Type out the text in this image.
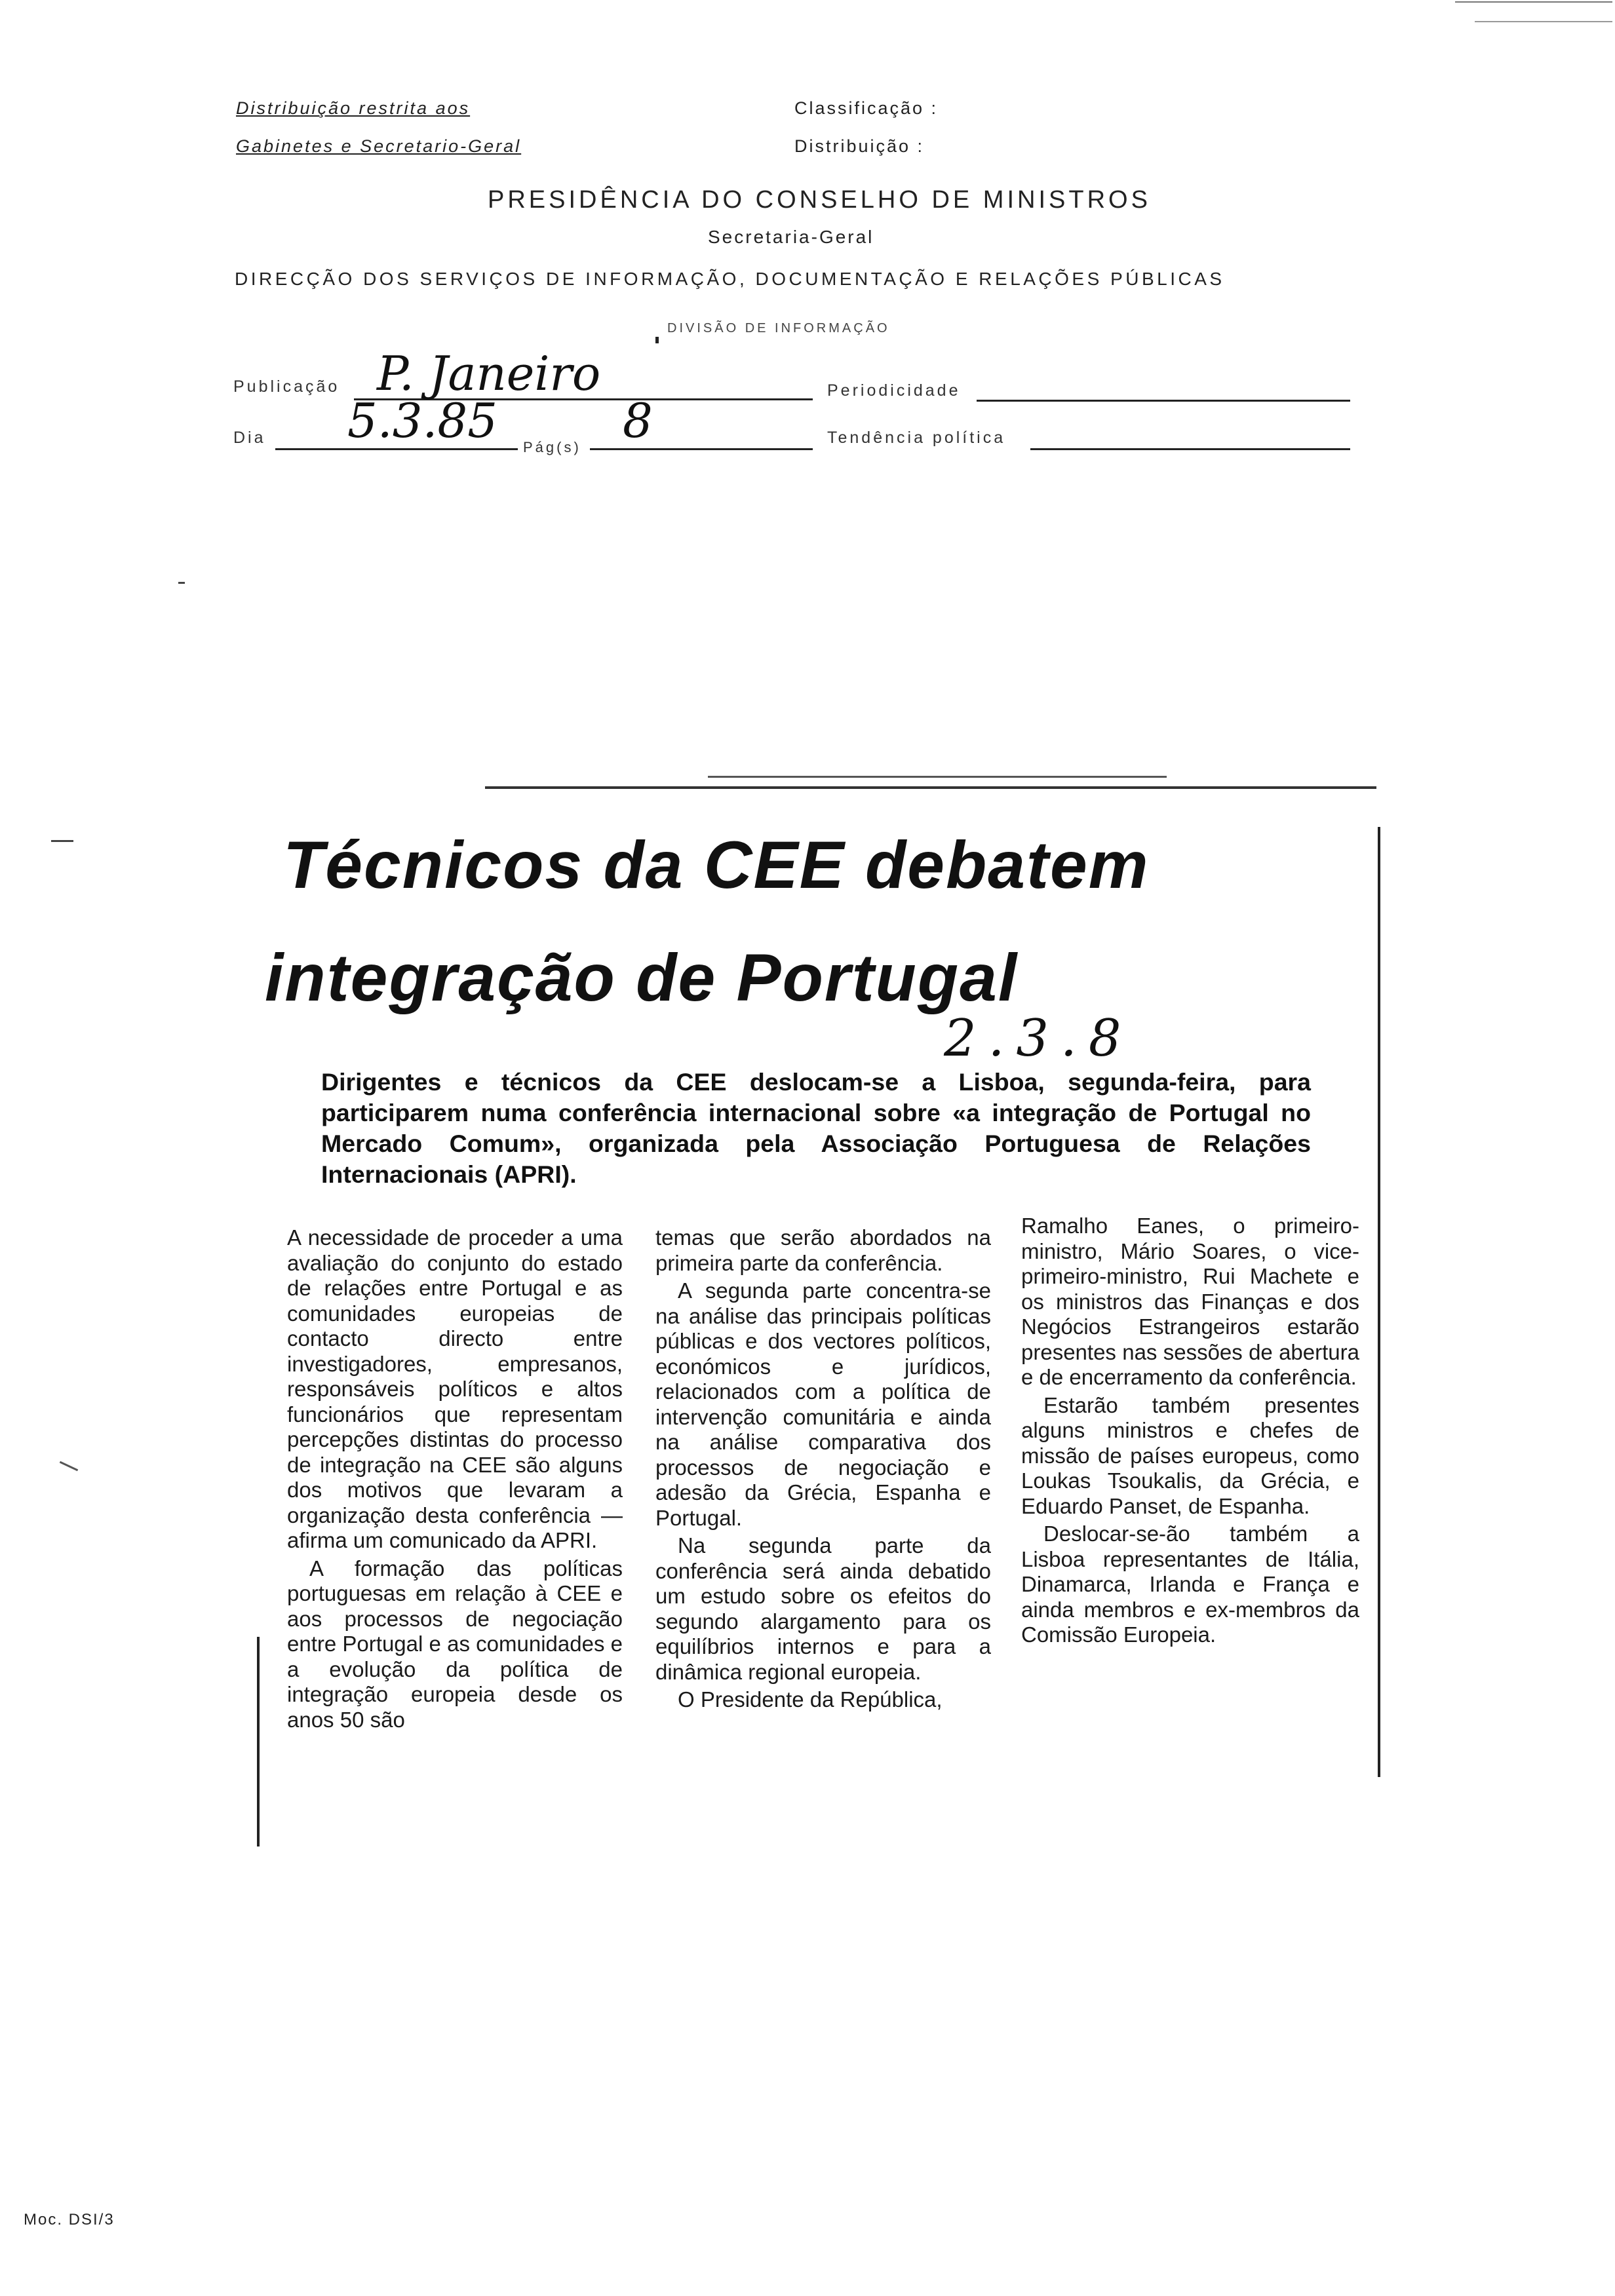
Distribuição restrita aos
Gabinetes e Secretario-Geral
Classificação :
Distribuição :
PRESIDÊNCIA DO CONSELHO DE MINISTROS
Secretaria-Geral
DIRECÇÃO DOS SERVIÇOS DE INFORMAÇÃO, DOCUMENTAÇÃO E RELAÇÕES PÚBLICAS
DIVISÃO DE INFORMAÇÃO
Publicação P. Janeiro	Periodicidade
Dia 5.3.85 Pág(s) 8	Tendência política
Técnicos da CEE debatem
integração de Portugal
2.3.8
Dirigentes e técnicos da CEE deslocam-se a Lisboa, segunda-feira, para participarem numa conferência internacional sobre «a integração de Portugal no Mercado Comum», organizada pela Associação Portuguesa de Relações Internacionais (APRI).

A necessidade de proceder a uma avaliação do conjunto do estado de relações entre Portugal e as comunidades europeias de contacto directo entre investigadores, empresanos, responsáveis políticos e altos funcionários que representam percepções distintas do processo de integração na CEE são alguns dos motivos que levaram a organização desta conferência — afirma um comunicado da APRI.

A formação das políticas portuguesas em relação à CEE e aos processos de negociação entre Portugal e as comunidades e a evolução da política de integração europeia desde os anos 50 são

temas que serão abordados na primeira parte da conferência.

A segunda parte concentra-se na análise das principais políticas públicas e dos vectores políticos, económicos e jurídicos, relacionados com a política de intervenção comunitária e ainda na análise comparativa dos processos de negociação e adesão da Grécia, Espanha e Portugal.

Na segunda parte da conferência será ainda debatido um estudo sobre os efeitos do segundo alargamento para os equilíbrios internos e para a dinâmica regional europeia.

O Presidente da República,

Ramalho Eanes, o primeiro-ministro, Mário Soares, o vice-primeiro-ministro, Rui Machete e os ministros das Finanças e dos Negócios Estrangeiros estarão presentes nas sessões de abertura e de encerramento da conferência.

Estarão também presentes alguns ministros e chefes de missão de países europeus, como Loukas Tsoukalis, da Grécia, e Eduardo Panset, de Espanha.

Deslocar-se-ão também a Lisboa representantes de Itália, Dinamarca, Irlanda e França e ainda membros e ex-membros da Comissão Europeia.

Moc. DSI/3
